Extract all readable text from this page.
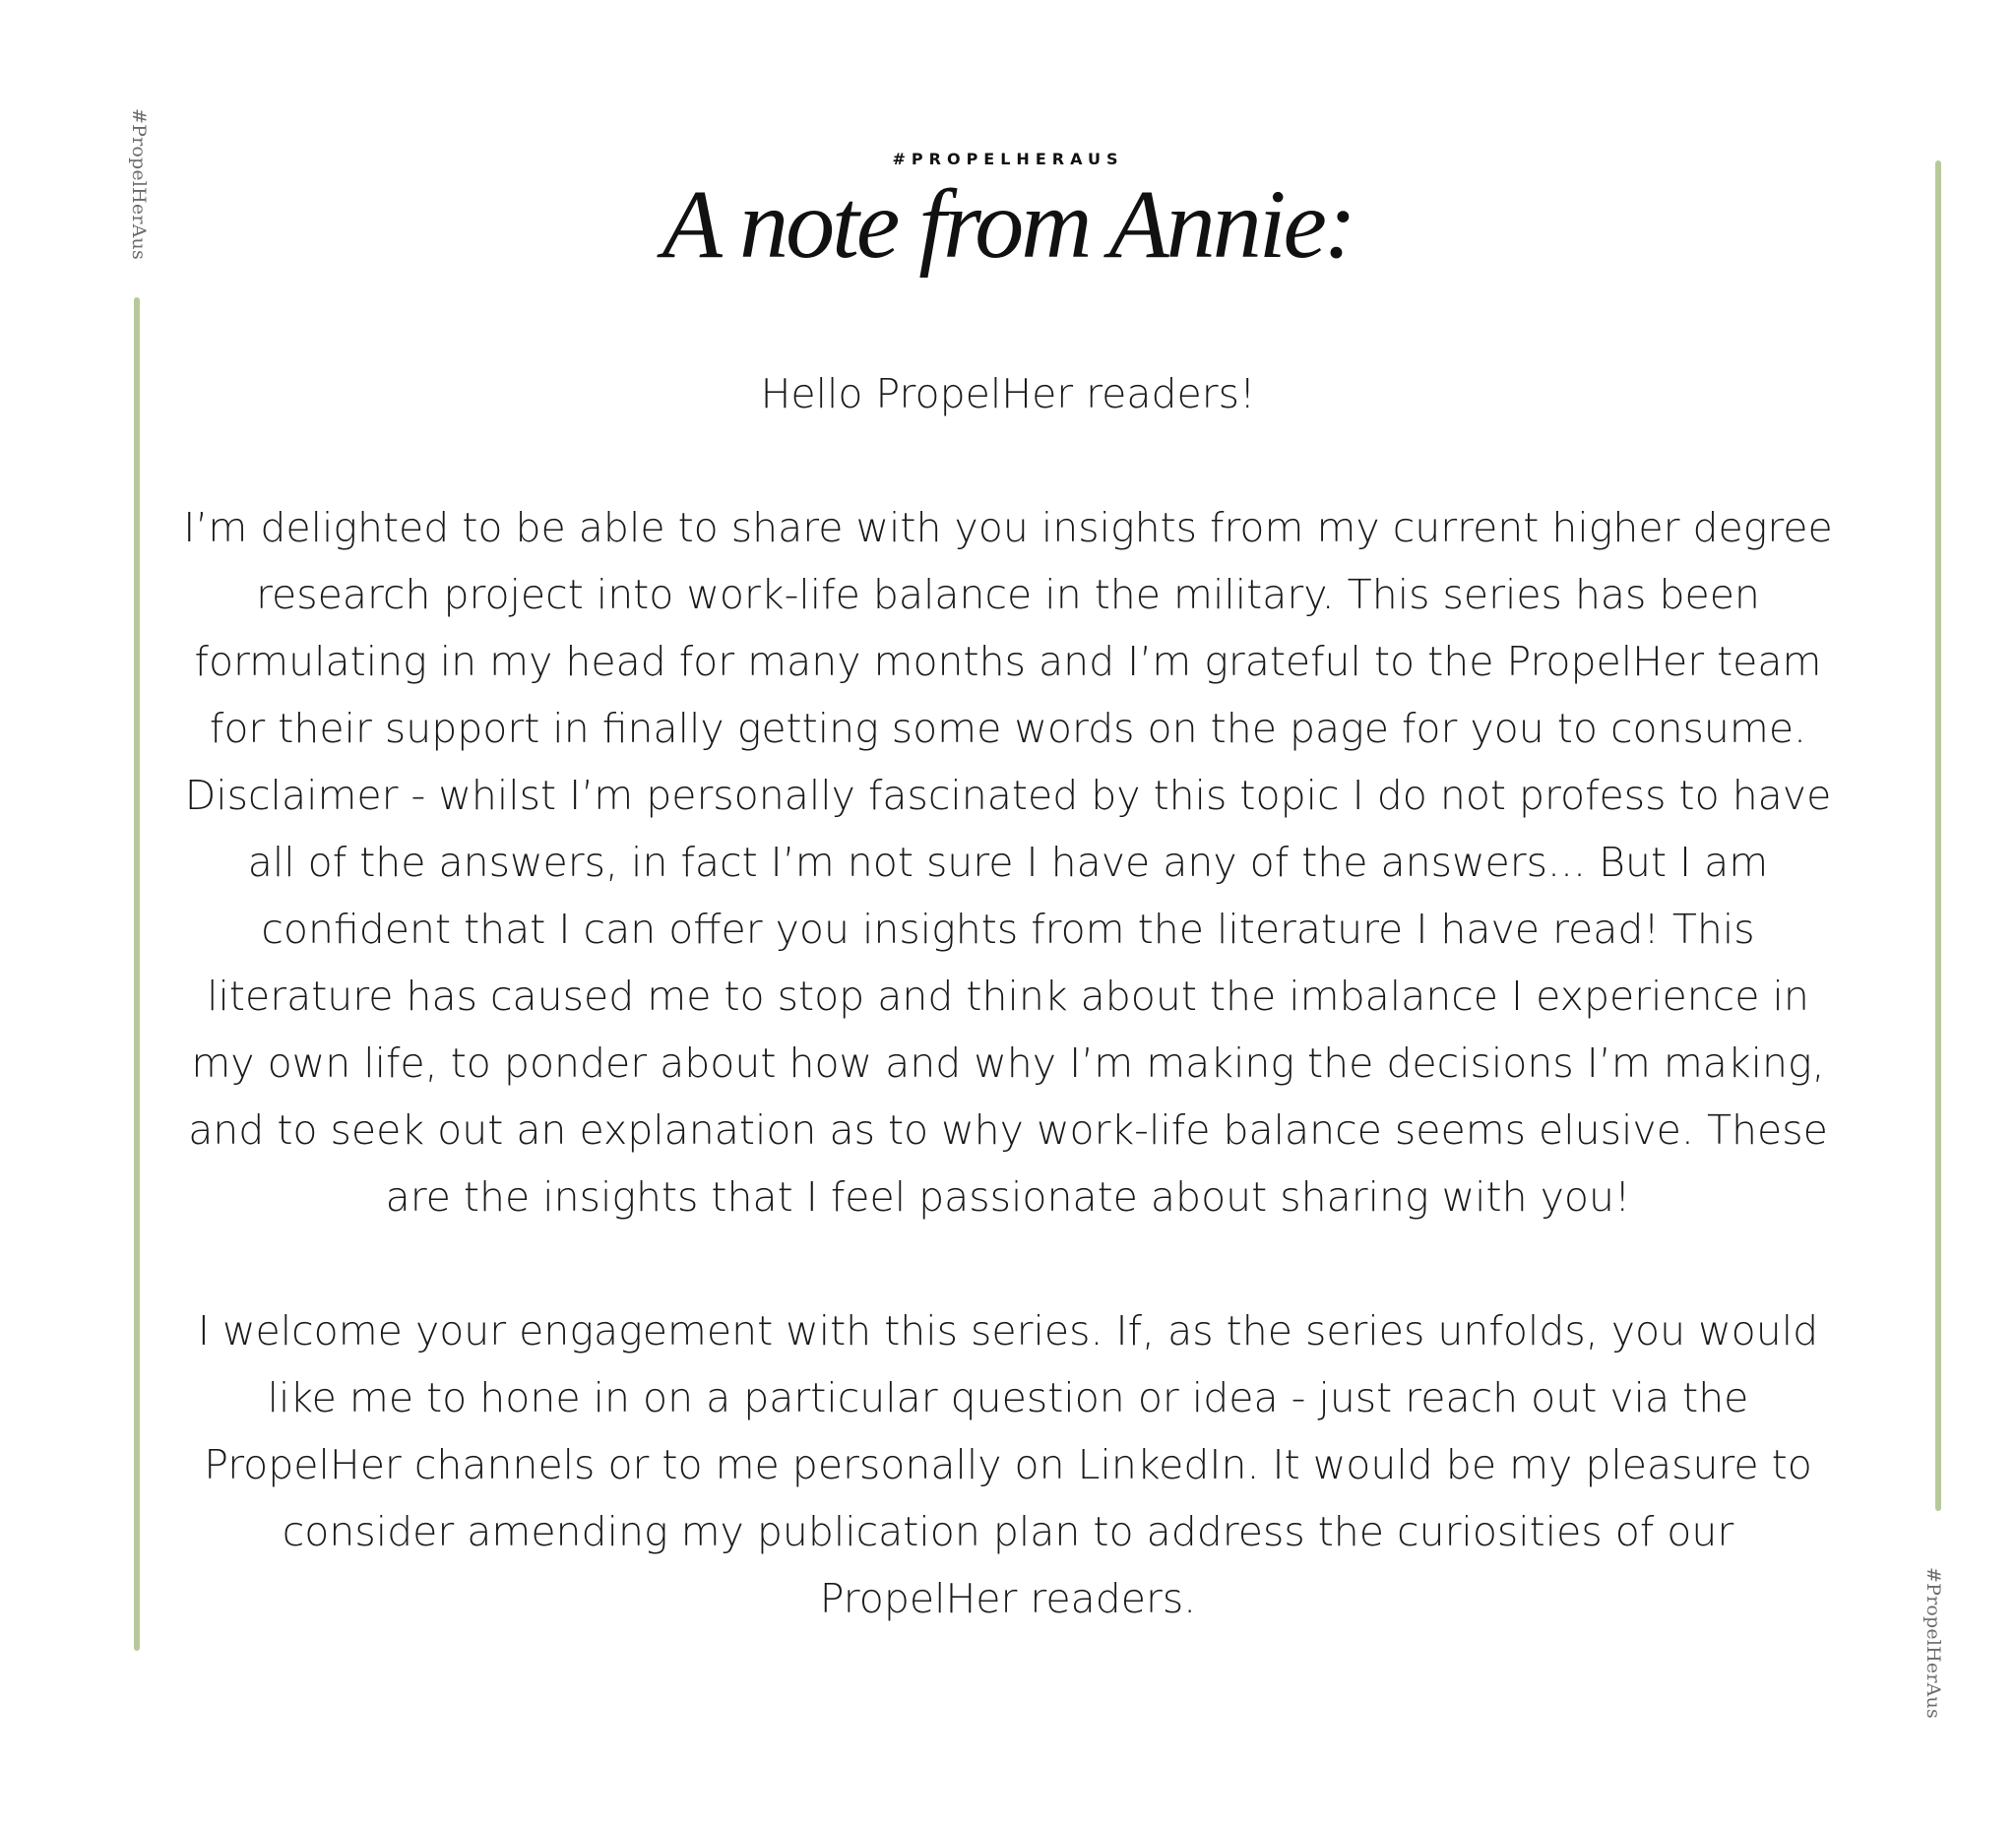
#PropelHerAus
#PropelHerAus
#PROPELHERAUS
A note from Annie:

Hello PropelHer readers!

I’m delighted to be able to share with you insights from my current higher degree research project into work-life balance in the military. This series has been formulating in my head for many months and I’m grateful to the PropelHer team for their support in finally getting some words on the page for you to consume. Disclaimer - whilst I’m personally fascinated by this topic I do not profess to have all of the answers, in fact I’m not sure I have any of the answers... But I am confident that I can offer you insights from the literature I have read! This literature has caused me to stop and think about the imbalance I experience in my own life, to ponder about how and why I’m making the decisions I’m making, and to seek out an explanation as to why work-life balance seems elusive. These are the insights that I feel passionate about sharing with you!

I welcome your engagement with this series. If, as the series unfolds, you would like me to hone in on a particular question or idea - just reach out via the PropelHer channels or to me personally on LinkedIn. It would be my pleasure to consider amending my publication plan to address the curiosities of our PropelHer readers.
